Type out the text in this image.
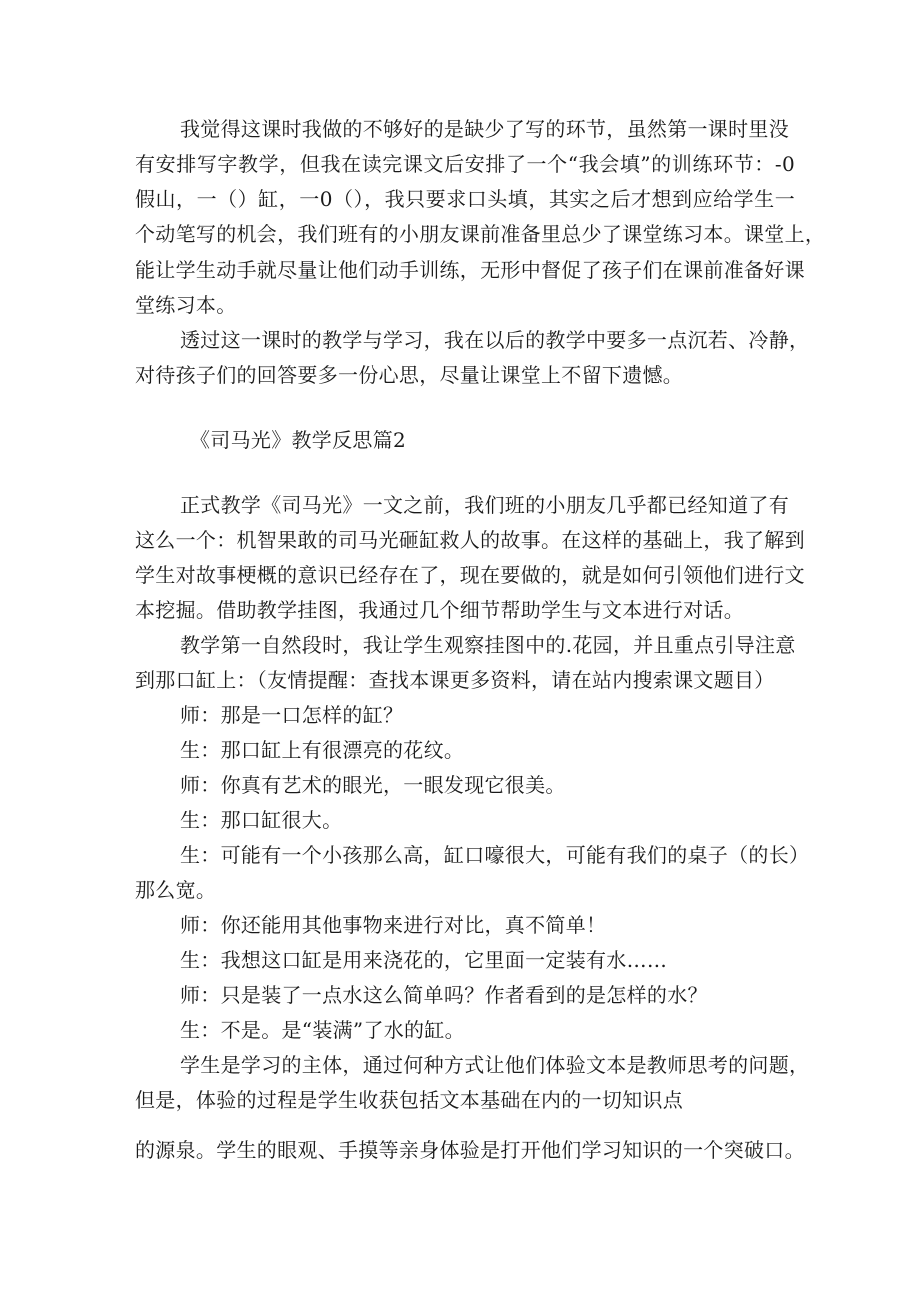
我觉得这课时我做的不够好的是缺少了写的环节，虽然第一课时里没
有安排写字教学，但我在读完课文后安排了一个“我会填”的训练环节：-0
假山，一（）缸，一0（），我只要求口头填，其实之后才想到应给学生一
个动笔写的机会，我们班有的小朋友课前准备里总少了课堂练习本。课堂上，
能让学生动手就尽量让他们动手训练，无形中督促了孩子们在课前准备好课
堂练习本。
透过这一课时的教学与学习，我在以后的教学中要多一点沉若、冷静，
对待孩子们的回答要多一份心思，尽量让课堂上不留下遗憾。
《司马光》教学反思篇2
正式教学《司马光》一文之前，我们班的小朋友几乎都已经知道了有
这么一个：机智果敢的司马光砸缸救人的故事。在这样的基础上，我了解到
学生对故事梗概的意识已经存在了，现在要做的，就是如何引领他们进行文
本挖掘。借助教学挂图，我通过几个细节帮助学生与文本进行对话。
教学第一自然段时，我让学生观察挂图中的.花园，并且重点引导注意
到那口缸上：（友情提醒：查找本课更多资料，请在站内搜索课文题目）
师：那是一口怎样的缸？
生：那口缸上有很漂亮的花纹。
师：你真有艺术的眼光，一眼发现它很美。
生：那口缸很大。
生：可能有一个小孩那么高，缸口嚎很大，可能有我们的桌子（的长）
那么宽。
师：你还能用其他事物来进行对比，真不简单！
生：我想这口缸是用来浇花的，它里面一定装有水……
师：只是装了一点水这么简单吗？作者看到的是怎样的水？
生：不是。是“装满”了水的缸。
学生是学习的主体，通过何种方式让他们体验文本是教师思考的问题，
但是，体验的过程是学生收获包括文本基础在内的一切知识点
的源泉。学生的眼观、手摸等亲身体验是打开他们学习知识的一个突破口。
